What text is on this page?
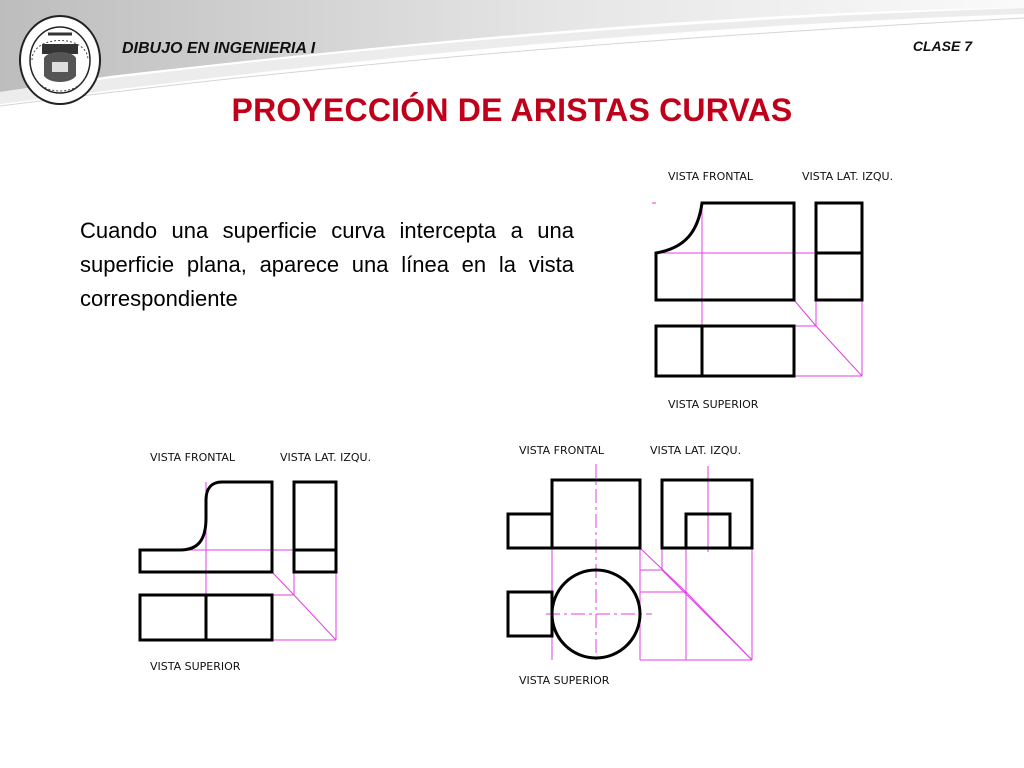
DIBUJO EN INGENIERIA I	CLASE 7
PROYECCIÓN DE ARISTAS CURVAS
Cuando una superficie curva intercepta a una superficie plana, aparece una línea en la vista correspondiente
VISTA FRONTAL	VISTA LAT. IZQU.
VISTA SUPERIOR
VISTA FRONTAL	VISTA LAT. IZQU.
VISTA SUPERIOR
VISTA FRONTAL	VISTA LAT. IZQU.
VISTA SUPERIOR
